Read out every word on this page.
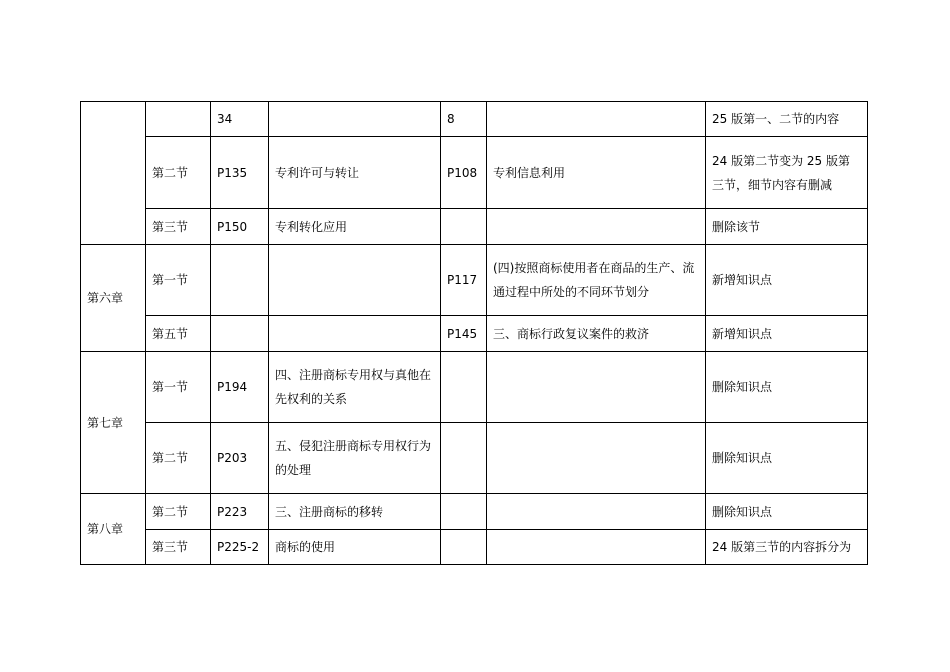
		34		8		25 版第一、二节的内容
	第二节	P135	专利许可与转让	P108	专利信息利用	24 版第二节变为 25 版第三节，细节内容有删减
	第三节	P150	专利转化应用			删除该节
第六章	第一节			P117	(四)按照商标使用者在商品的生产、流通过程中所处的不同环节划分	新增知识点
	第五节			P145	三、商标行政复议案件的救济	新增知识点
第七章	第一节	P194	四、注册商标专用权与真他在先权利的关系			删除知识点
	第二节	P203	五、侵犯注册商标专用权行为的处理			删除知识点
第八章	第二节	P223	三、注册商标的移转			删除知识点
	第三节	P225-2	商标的使用			24 版第三节的内容拆分为
